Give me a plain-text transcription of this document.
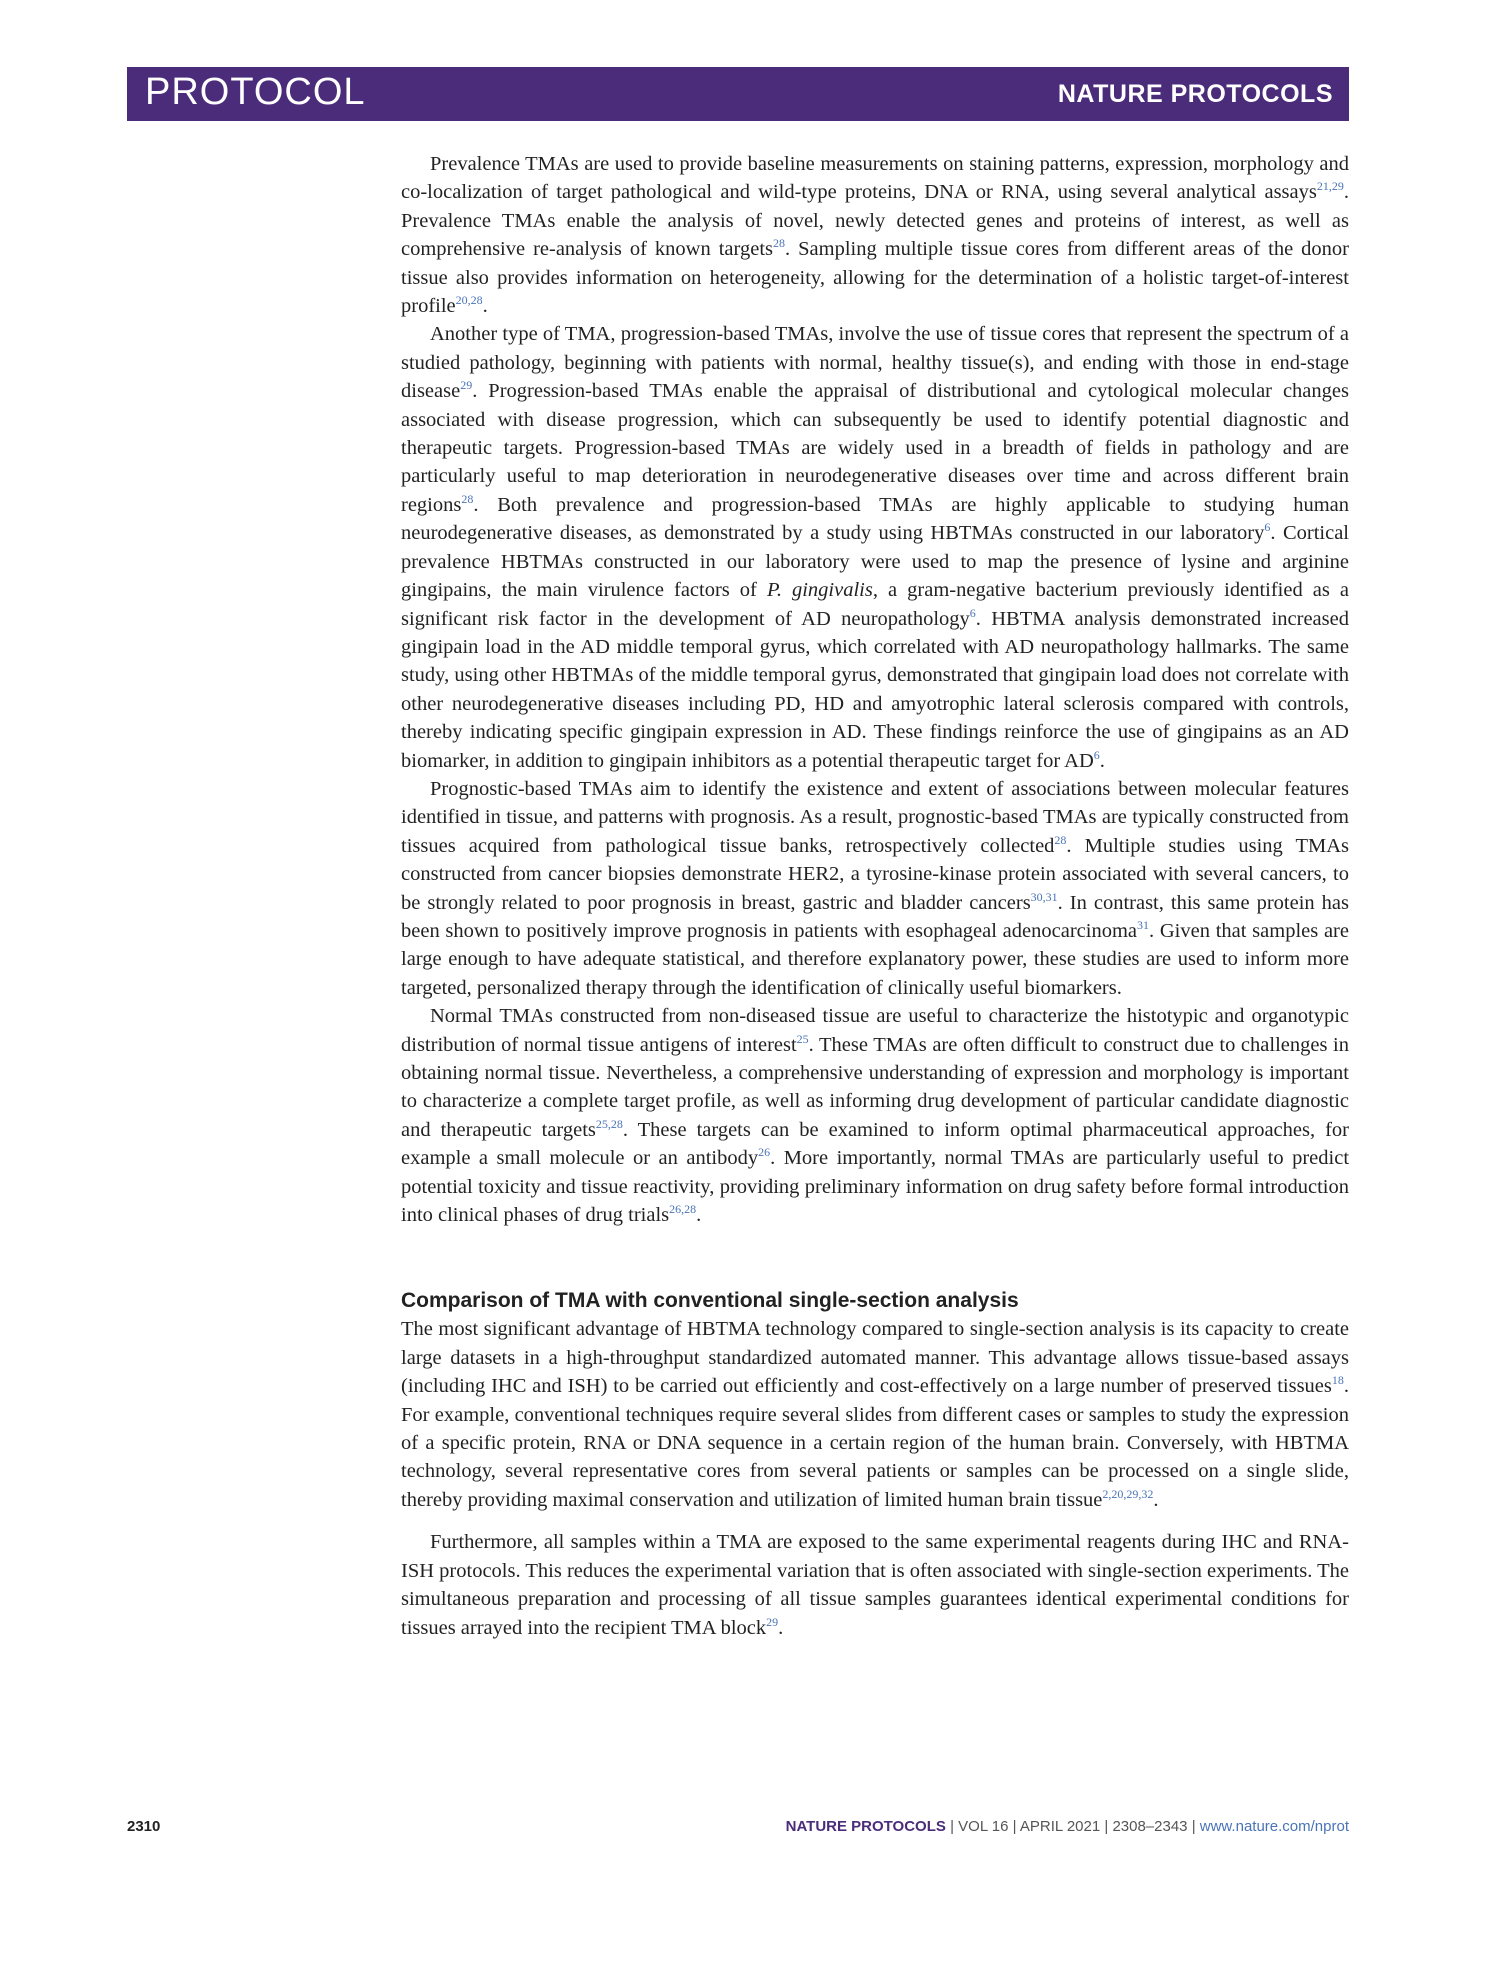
PROTOCOL	NATURE PROTOCOLS

Prevalence TMAs are used to provide baseline measurements on staining patterns, expression, morphology and co-localization of target pathological and wild-type proteins, DNA or RNA, using several analytical assays$^{21,29}$. Prevalence TMAs enable the analysis of novel, newly detected genes and proteins of interest, as well as comprehensive re-analysis of known targets$^{28}$. Sampling multiple tissue cores from different areas of the donor tissue also provides information on heterogeneity, allowing for the determination of a holistic target-of-interest profile$^{20,28}$.

Another type of TMA, progression-based TMAs, involve the use of tissue cores that represent the spectrum of a studied pathology, beginning with patients with normal, healthy tissue(s), and ending with those in end-stage disease$^{29}$. Progression-based TMAs enable the appraisal of distributional and cytological molecular changes associated with disease progression, which can subsequently be used to identify potential diagnostic and therapeutic targets. Progression-based TMAs are widely used in a breadth of fields in pathology and are particularly useful to map deterioration in neurodegenerative diseases over time and across different brain regions$^{28}$. Both prevalence and progression-based TMAs are highly applicable to studying human neurodegenerative diseases, as demonstrated by a study using HBTMAs constructed in our laboratory$^6$. Cortical prevalence HBTMAs constructed in our laboratory were used to map the presence of lysine and arginine gingipains, the main virulence factors of P. gingivalis, a gram-negative bacterium previously identified as a significant risk factor in the development of AD neuropathology$^6$. HBTMA analysis demonstrated increased gingipain load in the AD middle temporal gyrus, which correlated with AD neuropathology hallmarks. The same study, using other HBTMAs of the middle temporal gyrus, demonstrated that gingipain load does not correlate with other neurodegenerative diseases including PD, HD and amyotrophic lateral sclerosis compared with controls, thereby indicating specific gingipain expression in AD. These findings reinforce the use of gingipains as an AD biomarker, in addition to gingipain inhibitors as a potential therapeutic target for AD$^6$.

Prognostic-based TMAs aim to identify the existence and extent of associations between molecular features identified in tissue, and patterns with prognosis. As a result, prognostic-based TMAs are typically constructed from tissues acquired from pathological tissue banks, retrospectively collected$^{28}$. Multiple studies using TMAs constructed from cancer biopsies demonstrate HER2, a tyrosine-kinase protein associated with several cancers, to be strongly related to poor prognosis in breast, gastric and bladder cancers$^{30,31}$. In contrast, this same protein has been shown to positively improve prognosis in patients with esophageal adenocarcinoma$^{31}$. Given that samples are large enough to have adequate statistical, and therefore explanatory power, these studies are used to inform more targeted, personalized therapy through the identification of clinically useful biomarkers.

Normal TMAs constructed from non-diseased tissue are useful to characterize the histotypic and organotypic distribution of normal tissue antigens of interest$^{25}$. These TMAs are often difficult to construct due to challenges in obtaining normal tissue. Nevertheless, a comprehensive understanding of expression and morphology is important to characterize a complete target profile, as well as informing drug development of particular candidate diagnostic and therapeutic targets$^{25,28}$. These targets can be examined to inform optimal pharmaceutical approaches, for example a small molecule or an antibody$^{26}$. More importantly, normal TMAs are particularly useful to predict potential toxicity and tissue reactivity, providing preliminary information on drug safety before formal introduction into clinical phases of drug trials$^{26,28}$.

Comparison of TMA with conventional single-section analysis

The most significant advantage of HBTMA technology compared to single-section analysis is its capacity to create large datasets in a high-throughput standardized automated manner. This advantage allows tissue-based assays (including IHC and ISH) to be carried out efficiently and cost-effectively on a large number of preserved tissues$^{18}$. For example, conventional techniques require several slides from different cases or samples to study the expression of a specific protein, RNA or DNA sequence in a certain region of the human brain. Conversely, with HBTMA technology, several representative cores from several patients or samples can be processed on a single slide, thereby providing maximal conservation and utilization of limited human brain tissue$^{2,20,29,32}$.

Furthermore, all samples within a TMA are exposed to the same experimental reagents during IHC and RNA-ISH protocols. This reduces the experimental variation that is often associated with single-section experiments. The simultaneous preparation and processing of all tissue samples guarantees identical experimental conditions for tissues arrayed into the recipient TMA block$^{29}$.

2310	NATURE PROTOCOLS | VOL 16 | APRIL 2021 | 2308–2343 | www.nature.com/nprot
